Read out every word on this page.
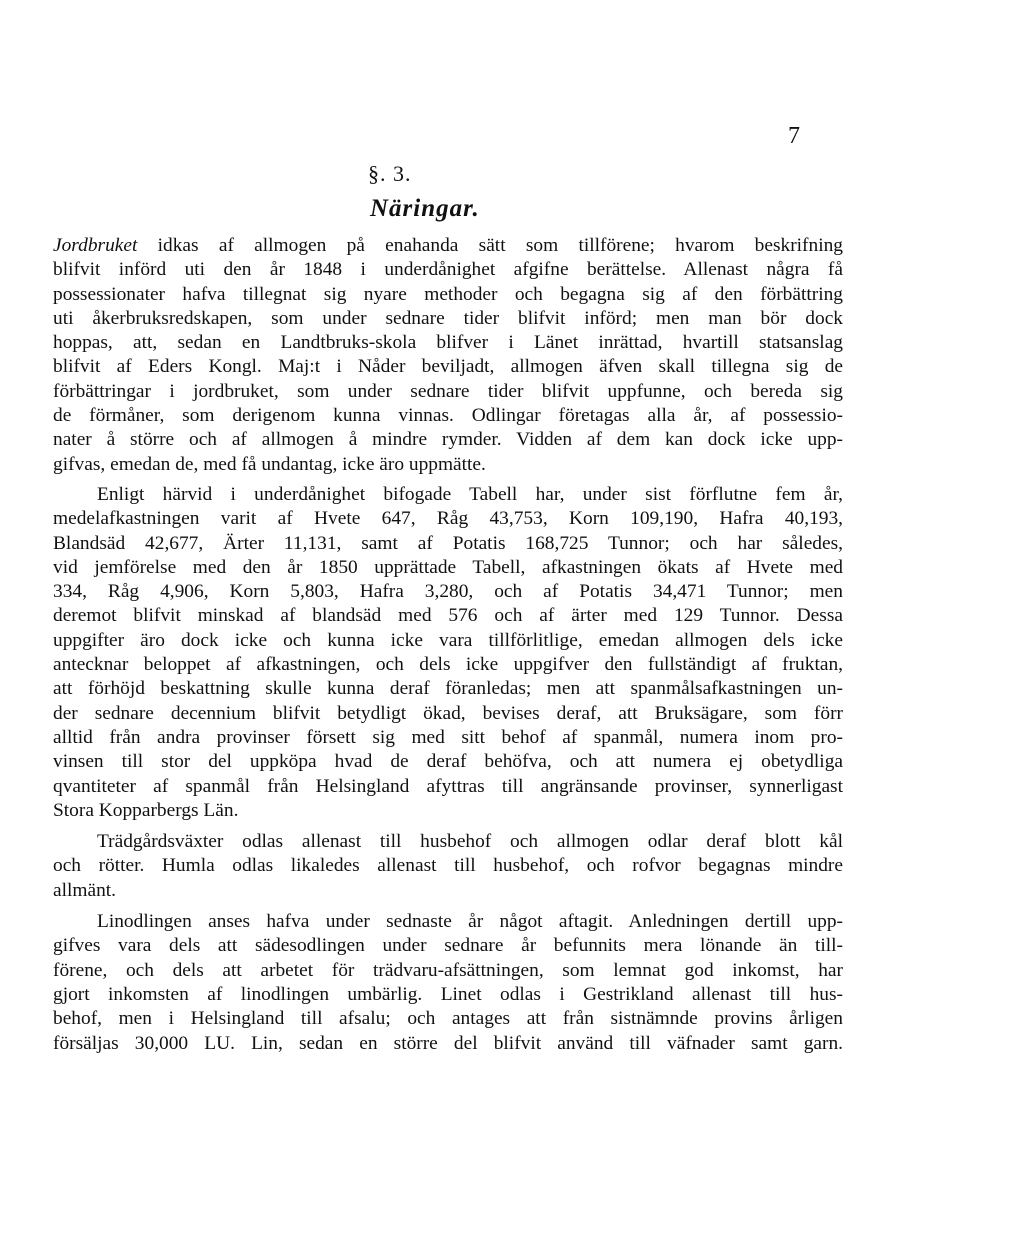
7
§. 3.
Näringar.

Jordbruket idkas af allmogen på enahanda sätt som tillförene; hvarom beskrifning
blifvit införd uti den år 1848 i underdånighet afgifne berättelse. Allenast några få
possessionater hafva tillegnat sig nyare methoder och begagna sig af den förbättring
uti åkerbruksredskapen, som under sednare tider blifvit införd; men man bör dock
hoppas, att, sedan en Landtbruks-skola blifver i Länet inrättad, hvartill statsanslag
blifvit af Eders Kongl. Maj:t i Nåder beviljadt, allmogen äfven skall tillegna sig de
förbättringar i jordbruket, som under sednare tider blifvit uppfunne, och bereda sig
de förmåner, som derigenom kunna vinnas. Odlingar företagas alla år, af possessio-
nater å större och af allmogen å mindre rymder. Vidden af dem kan dock icke upp-
gifvas, emedan de, med få undantag, icke äro uppmätte.

Enligt härvid i underdånighet bifogade Tabell har, under sist förflutne fem år,
medelafkastningen varit af Hvete 647, Råg 43,753, Korn 109,190, Hafra 40,193,
Blandsäd 42,677, Ärter 11,131, samt af Potatis 168,725 Tunnor; och har således,
vid jemförelse med den år 1850 upprättade Tabell, afkastningen ökats af Hvete med
334, Råg 4,906, Korn 5,803, Hafra 3,280, och af Potatis 34,471 Tunnor; men
deremot blifvit minskad af blandsäd med 576 och af ärter med 129 Tunnor. Dessa
uppgifter äro dock icke och kunna icke vara tillförlitlige, emedan allmogen dels icke
antecknar beloppet af afkastningen, och dels icke uppgifver den fullständigt af fruktan,
att förhöjd beskattning skulle kunna deraf föranledas; men att spanmålsafkastningen un-
der sednare decennium blifvit betydligt ökad, bevises deraf, att Bruksägare, som förr
alltid från andra provinser försett sig med sitt behof af spanmål, numera inom pro-
vinsen till stor del uppköpa hvad de deraf behöfva, och att numera ej obetydliga
qvantiteter af spanmål från Helsingland afyttras till angränsande provinser, synnerligast
Stora Kopparbergs Län.

Trädgårdsväxter odlas allenast till husbehof och allmogen odlar deraf blott kål
och rötter. Humla odlas likaledes allenast till husbehof, och rofvor begagnas mindre
allmänt.

Linodlingen anses hafva under sednaste år något aftagit. Anledningen dertill upp-
gifves vara dels att sädesodlingen under sednare år befunnits mera lönande än till-
förene, och dels att arbetet för trädvaru-afsättningen, som lemnat god inkomst, har
gjort inkomsten af linodlingen umbärlig. Linet odlas i Gestrikland allenast till hus-
behof, men i Helsingland till afsalu; och antages att från sistnämnde provins årligen
försäljas 30,000 LU. Lin, sedan en större del blifvit använd till väfnader samt garn.
